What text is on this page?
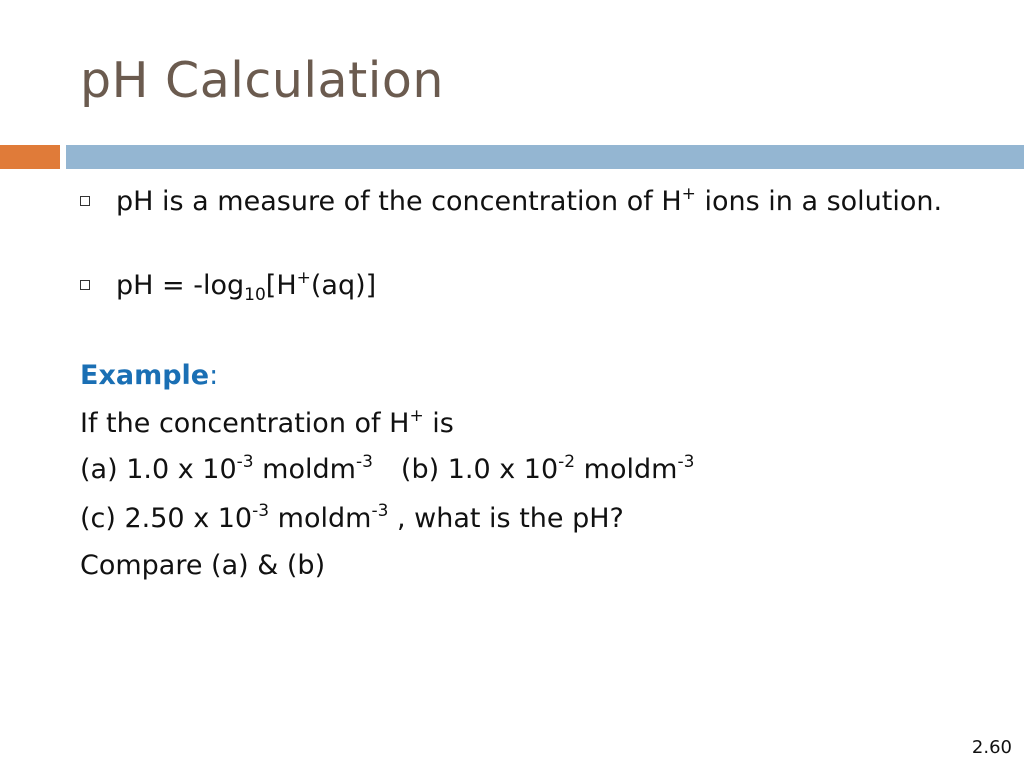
pH Calculation
pH is a measure of the concentration of H+ ions in a solution.
pH = $-\log_{10}[H^+(aq)]$
Example:
If the concentration of H+ is
(a) 1.0 x $10^{-3}$ moldm$^{-3}$ (b) 1.0 x $10^{-2}$ moldm$^{-3}$
(c) 2.50 x $10^{-3}$ moldm$^{-3}$ , what is the pH?
Compare (a) & (b)
2.60
